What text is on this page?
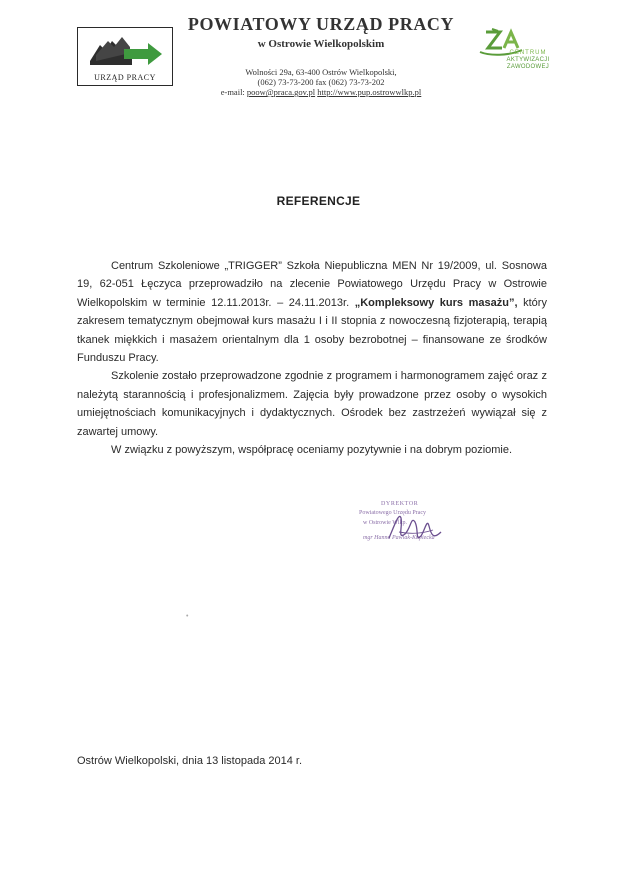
URZĄD PRACY
POWIATOWY URZĄD PRACY
w Ostrowie Wielkopolskim
Wolności 29a, 63-400 Ostrów Wielkopolski,
(062) 73-73-200 fax (062) 73-73-202
e-mail: poow@praca.gov.pl http://www.pup.ostrowwlkp.pl
CENTRUM
AKTYWIZACJI
ZAWODOWEJ
REFERENCJE

Centrum Szkoleniowe „TRIGGER” Szkoła Niepubliczna MEN Nr 19/2009, ul. Sosnowa 19, 62-051 Łęczyca przeprowadziło na zlecenie Powiatowego Urzędu Pracy w Ostrowie Wielkopolskim w terminie 12.11.2013r. – 24.11.2013r. „Kompleksowy kurs masażu”, który zakresem tematycznym obejmował kurs masażu I i II stopnia z nowoczesną fizjoterapią, terapią tkanek miękkich i masażem orientalnym dla 1 osoby bezrobotnej – finansowane ze środków Funduszu Pracy.

Szkolenie zostało przeprowadzone zgodnie z programem i harmonogramem zajęć oraz z należytą starannością i profesjonalizmem. Zajęcia były prowadzone przez osoby o wysokich umiejętnościach komunikacyjnych i dydaktycznych. Ośrodek bez zastrzeżeń wywiązał się z zawartej umowy.

W związku z powyższym, współpracę oceniamy pozytywnie i na dobrym poziomie.

DYREKTOR
Powiatowego Urzędu Pracy
w Ostrowie Wlkp.
mgr Hanna Pawlak-Kupiecka
•
Ostrów Wielkopolski, dnia 13 listopada 2014 r.
